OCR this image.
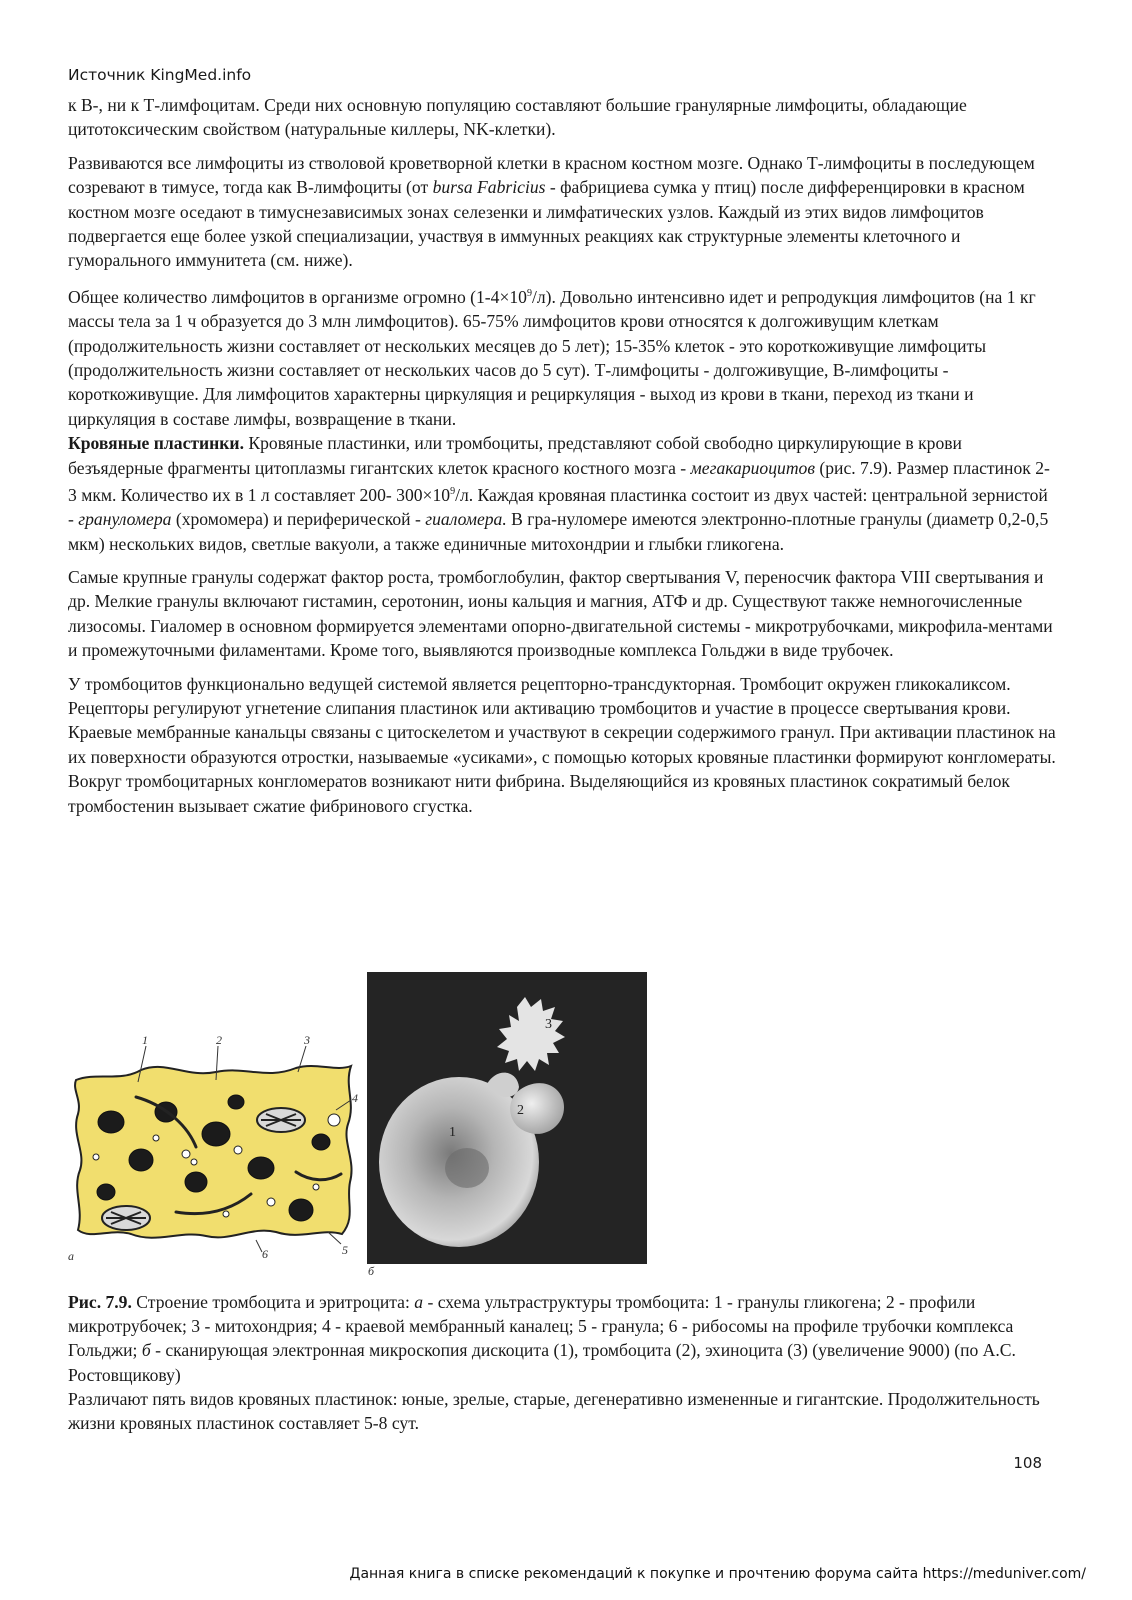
Источник KingMed.info

к В-, ни к Т-лимфоцитам. Среди них основную популяцию составляют большие гранулярные лимфоциты, обладающие цитотоксическим свойством (натуральные киллеры, NK-клетки).

Развиваются все лимфоциты из стволовой кроветворной клетки в красном костном мозге. Однако Т-лимфоциты в последующем созревают в тимусе, тогда как В-лимфоциты (от bursa Fabricius - фабрициева сумка у птиц) после дифференцировки в красном костном мозге оседают в тимуснезависимых зонах селезенки и лимфатических узлов. Каждый из этих видов лимфоцитов подвергается еще более узкой специализации, участвуя в иммунных реакциях как структурные элементы клеточного и гуморального иммунитета (см. ниже).

Общее количество лимфоцитов в организме огромно $(1-4\times 10^9/л)$. Довольно интенсивно идет и репродукция лимфоцитов (на 1 кг массы тела за 1 ч образуется до 3 млн лимфоцитов). 65-75% лимфоцитов крови относятся к долгоживущим клеткам (продолжительность жизни составляет от нескольких месяцев до 5 лет); 15-35% клеток - это короткоживущие лимфоциты (продолжительность жизни составляет от нескольких часов до 5 сут). Т-лимфоциты - долгоживущие, В-лимфоциты - короткоживущие. Для лимфоцитов характерны циркуляция и рециркуляция - выход из крови в ткани, переход из ткани и циркуляция в составе лимфы, возвращение в ткани.

Кровяные пластинки. Кровяные пластинки, или тромбоциты, представляют собой свободно циркулирующие в крови безъядерные фрагменты цитоплазмы гигантских клеток красного костного мозга - мегакариоцитов (рис. 7.9). Размер пластинок 2-3 мкм. Количество их в 1 л составляет 200- $300\times 10^9/л$. Каждая кровяная пластинка состоит из двух частей: центральной зернистой - грануломера (хромомера) и периферической - гиаломера. В гра-нуломере имеются электронно-плотные гранулы (диаметр 0,2-0,5 мкм) нескольких видов, светлые вакуоли, а также единичные митохондрии и глыбки гликогена.

Самые крупные гранулы содержат фактор роста, тромбоглобулин, фактор свертывания V, переносчик фактора VIII свертывания и др. Мелкие гранулы включают гистамин, серотонин, ионы кальция и магния, АТФ и др. Существуют также немногочисленные лизосомы. Гиаломер в основном формируется элементами опорно-двигательной системы - микротрубочками, микрофила-ментами и промежуточными филаментами. Кроме того, выявляются производные комплекса Гольджи в виде трубочек.

У тромбоцитов функционально ведущей системой является рецепторно-трансдукторная. Тромбоцит окружен гликокаликсом. Рецепторы регулируют угнетение слипания пластинок или активацию тромбоцитов и участие в процессе свертывания крови. Краевые мембранные канальцы связаны с цитоскелетом и участвуют в секреции содержимого гранул. При активации пластинок на их поверхности образуются отростки, называемые «усиками», с помощью которых кровяные пластинки формируют конгломераты. Вокруг тромбоцитарных конгломератов возникают нити фибрина. Выделяющийся из кровяных пластинок сократимый белок тромбостенин вызывает сжатие фибринового сгустка.

1	2	3
4
5
6
а
3
2
1
б

Рис. 7.9. Строение тромбоцита и эритроцита: а - схема ультраструктуры тромбоцита: 1 - гранулы гликогена; 2 - профили микротрубочек; 3 - митохондрия; 4 - краевой мембранный каналец; 5 - гранула; 6 - рибосомы на профиле трубочки комплекса Гольджи; б - сканирующая электронная микроскопия дискоцита (1), тромбоцита (2), эхиноцита (3) (увеличение 9000) (по А.С. Ростовщикову)

Различают пять видов кровяных пластинок: юные, зрелые, старые, дегенеративно измененные и гигантские. Продолжительность жизни кровяных пластинок составляет 5-8 сут.

108
Данная книга в списке рекомендаций к покупке и прочтению форума сайта https://meduniver.com/
